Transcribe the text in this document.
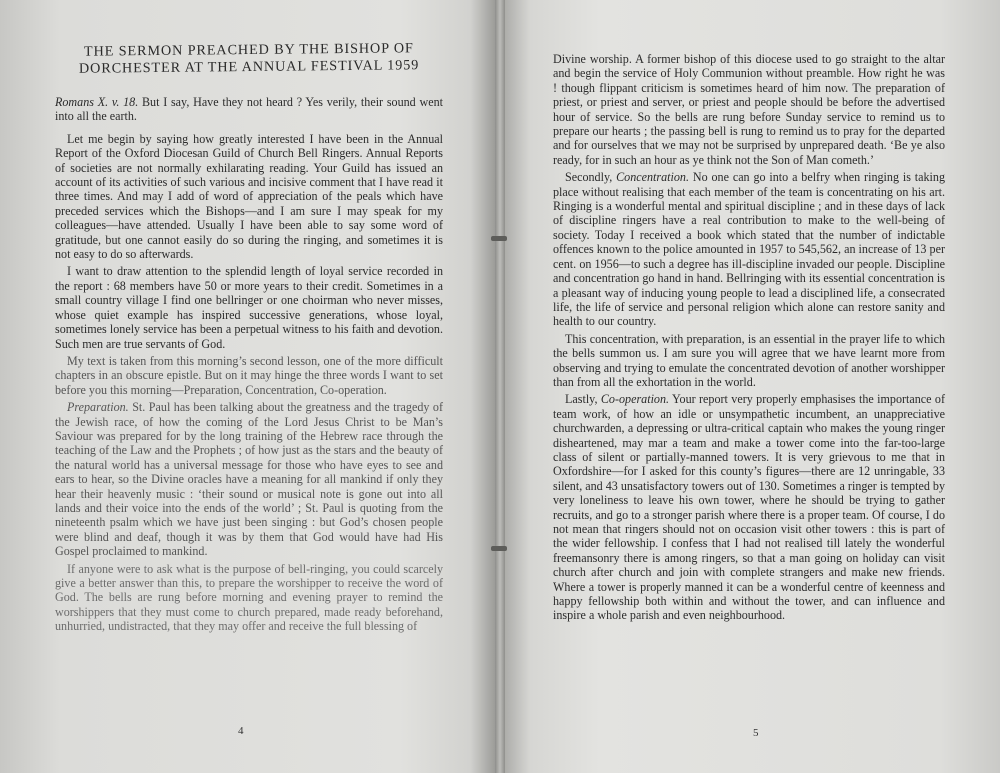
THE SERMON PREACHED BY THE BISHOP OF DORCHESTER AT THE ANNUAL FESTIVAL 1959

Romans X. v. 18. But I say, Have they not heard ? Yes verily, their sound went into all the earth.

Let me begin by saying how greatly interested I have been in the Annual Report of the Oxford Diocesan Guild of Church Bell Ringers. Annual Reports of societies are not normally exhilarating reading. Your Guild has issued an account of its activities of such various and incisive comment that I have read it three times. And may I add of word of appreciation of the peals which have preceded services which the Bishops—and I am sure I may speak for my colleagues—have attended. Usually I have been able to say some word of gratitude, but one cannot easily do so during the ringing, and sometimes it is not easy to do so afterwards.

I want to draw attention to the splendid length of loyal service recorded in the report : 68 members have 50 or more years to their credit. Sometimes in a small country village I find one bellringer or one choirman who never misses, whose quiet example has inspired successive generations, whose loyal, sometimes lonely service has been a perpetual witness to his faith and devotion. Such men are true servants of God.

My text is taken from this morning’s second lesson, one of the more difficult chapters in an obscure epistle. But on it may hinge the three words I want to set before you this morning—Preparation, Concentration, Co-operation.

Preparation. St. Paul has been talking about the greatness and the tragedy of the Jewish race, of how the coming of the Lord Jesus Christ to be Man’s Saviour was prepared for by the long training of the Hebrew race through the teaching of the Law and the Prophets ; of how just as the stars and the beauty of the natural world has a universal message for those who have eyes to see and ears to hear, so the Divine oracles have a meaning for all mankind if only they hear their heavenly music : ‘their sound or musical note is gone out into all lands and their voice into the ends of the world’ ; St. Paul is quoting from the nineteenth psalm which we have just been singing : but God’s chosen people were blind and deaf, though it was by them that God would have had His Gospel proclaimed to mankind.

If anyone were to ask what is the purpose of bell-ringing, you could scarcely give a better answer than this, to prepare the worshipper to receive the word of God. The bells are rung before morning and evening prayer to remind the worshippers that they must come to church prepared, made ready beforehand, unhurried, undistracted, that they may offer and receive the full blessing of

4

Divine worship. A former bishop of this diocese used to go straight to the altar and begin the service of Holy Communion without preamble. How right he was ! though flippant criticism is sometimes heard of him now. The preparation of priest, or priest and server, or priest and people should be before the advertised hour of service. So the bells are rung before Sunday service to remind us to prepare our hearts ; the passing bell is rung to remind us to pray for the departed and for ourselves that we may not be surprised by unprepared death. ‘Be ye also ready, for in such an hour as ye think not the Son of Man cometh.’

Secondly, Concentration. No one can go into a belfry when ringing is taking place without realising that each member of the team is concentrating on his art. Ringing is a wonderful mental and spiritual discipline ; and in these days of lack of discipline ringers have a real contribution to make to the well-being of society. Today I received a book which stated that the number of indictable offences known to the police amounted in 1957 to 545,562, an increase of 13 per cent. on 1956—to such a degree has ill-discipline invaded our people. Discipline and concentration go hand in hand. Bellringing with its essential concentration is a pleasant way of inducing young people to lead a disciplined life, a consecrated life, the life of service and personal religion which alone can restore sanity and health to our country.

This concentration, with preparation, is an essential in the prayer life to which the bells summon us. I am sure you will agree that we have learnt more from observing and trying to emulate the concentrated devotion of another worshipper than from all the exhortation in the world.

Lastly, Co-operation. Your report very properly emphasises the importance of team work, of how an idle or unsympathetic incumbent, an unappreciative churchwarden, a depressing or ultra-critical captain who makes the young ringer disheartened, may mar a team and make a tower come into the far-too-large class of silent or partially-manned towers. It is very grievous to me that in Oxfordshire—for I asked for this county’s figures—there are 12 unringable, 33 silent, and 43 unsatisfactory towers out of 130. Sometimes a ringer is tempted by very loneliness to leave his own tower, where he should be trying to gather recruits, and go to a stronger parish where there is a proper team. Of course, I do not mean that ringers should not on occasion visit other towers : this is part of the wider fellowship. I confess that I had not realised till lately the wonderful freemansonry there is among ringers, so that a man going on holiday can visit church after church and join with complete strangers and make new friends. Where a tower is properly manned it can be a wonderful centre of keenness and happy fellowship both within and without the tower, and can influence and inspire a whole parish and even neighbourhood.

5
